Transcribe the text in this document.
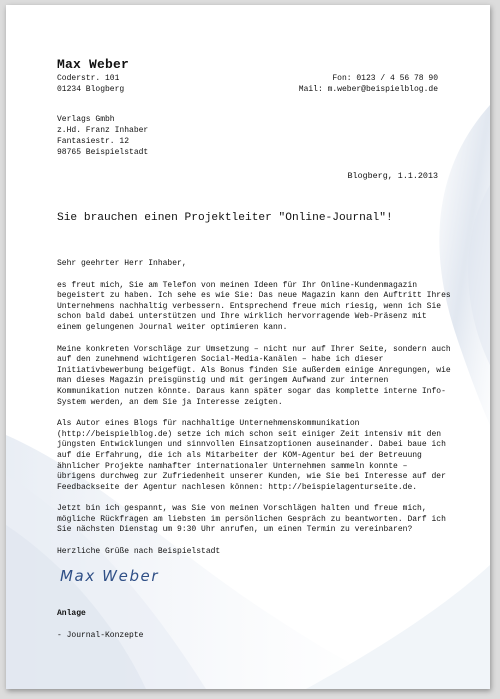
Max Weber
Coderstr. 101
01234 Blogberg
Fon: 0123 / 4 56 78 90
Mail: m.weber@beispielblog.de
Verlags Gmbh
z.Hd. Franz Inhaber
Fantasiestr. 12
98765 Beispielstadt
Blogberg, 1.1.2013
Sie brauchen einen Projektleiter "Online-Journal"!

Sehr geehrter Herr Inhaber,

es freut mich, Sie am Telefon von meinen Ideen für Ihr Online-Kundenmagazin
begeistert zu haben. Ich sehe es wie Sie: Das neue Magazin kann den Auftritt Ihres
Unternehmens nachhaltig verbessern. Entsprechend freue mich riesig, wenn ich Sie
schon bald dabei unterstützen und Ihre wirklich hervorragende Web-Präsenz mit
einem gelungenen Journal weiter optimieren kann.

Meine konkreten Vorschläge zur Umsetzung – nicht nur auf Ihrer Seite, sondern auch
auf den zunehmend wichtigeren Social-Media-Kanälen – habe ich dieser
Initiativbewerbung beigefügt. Als Bonus finden Sie außerdem einige Anregungen, wie
man dieses Magazin preisgünstig und mit geringem Aufwand zur internen
Kommunikation nutzen könnte. Daraus kann später sogar das komplette interne Info-
System werden, an dem Sie ja Interesse zeigten.

Als Autor eines Blogs für nachhaltige Unternehmenskommunikation
(http://beispielblog.de) setze ich mich schon seit einiger Zeit intensiv mit den
jüngsten Entwicklungen und sinnvollen Einsatzoptionen auseinander. Dabei baue ich
auf die Erfahrung, die ich als Mitarbeiter der KOM-Agentur bei der Betreuung
ähnlicher Projekte namhafter internationaler Unternehmen sammeln konnte –
übrigens durchweg zur Zufriedenheit unserer Kunden, wie Sie bei Interesse auf der
Feedbackseite der Agentur nachlesen können: http://beispielagenturseite.de.

Jetzt bin ich gespannt, was Sie von meinen Vorschlägen halten und freue mich,
mögliche Rückfragen am liebsten im persönlichen Gespräch zu beantworten. Darf ich
Sie nächsten Dienstag um 9:30 Uhr anrufen, um einen Termin zu vereinbaren?

Herzliche Grüße nach Beispielstadt

Max Weber
Anlage
- Journal-Konzepte
